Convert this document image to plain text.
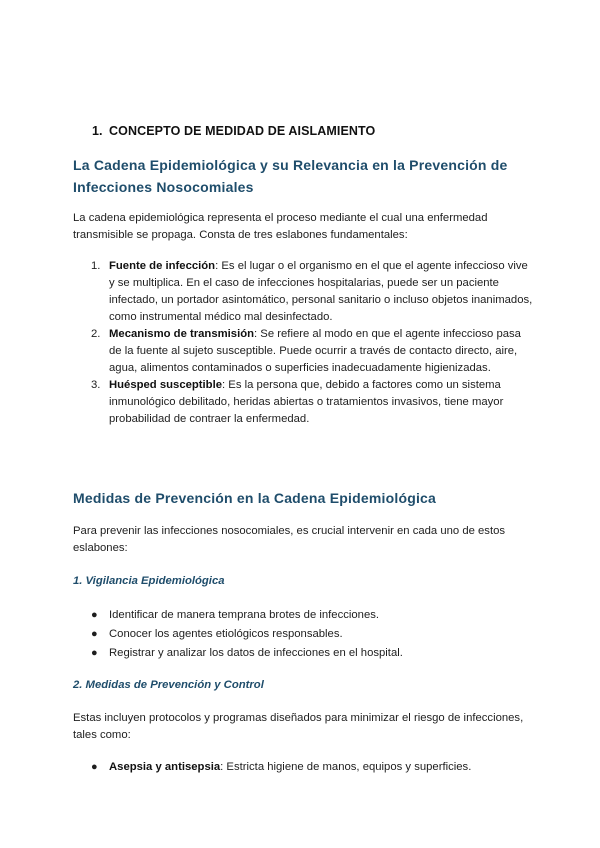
1. CONCEPTO DE MEDIDAD DE AISLAMIENTO
La Cadena Epidemiológica y su Relevancia en la Prevención de Infecciones Nosocomiales
La cadena epidemiológica representa el proceso mediante el cual una enfermedad transmisible se propaga. Consta de tres eslabones fundamentales:
1. Fuente de infección: Es el lugar o el organismo en el que el agente infeccioso vive y se multiplica. En el caso de infecciones hospitalarias, puede ser un paciente infectado, un portador asintomático, personal sanitario o incluso objetos inanimados, como instrumental médico mal desinfectado.
2. Mecanismo de transmisión: Se refiere al modo en que el agente infeccioso pasa de la fuente al sujeto susceptible. Puede ocurrir a través de contacto directo, aire, agua, alimentos contaminados o superficies inadecuadamente higienizadas.
3. Huésped susceptible: Es la persona que, debido a factores como un sistema inmunológico debilitado, heridas abiertas o tratamientos invasivos, tiene mayor probabilidad de contraer la enfermedad.
Medidas de Prevención en la Cadena Epidemiológica
Para prevenir las infecciones nosocomiales, es crucial intervenir en cada uno de estos eslabones:
1. Vigilancia Epidemiológica
● Identificar de manera temprana brotes de infecciones.
● Conocer los agentes etiológicos responsables.
● Registrar y analizar los datos de infecciones en el hospital.
2. Medidas de Prevención y Control
Estas incluyen protocolos y programas diseñados para minimizar el riesgo de infecciones, tales como:
● Asepsia y antisepsia: Estricta higiene de manos, equipos y superficies.
